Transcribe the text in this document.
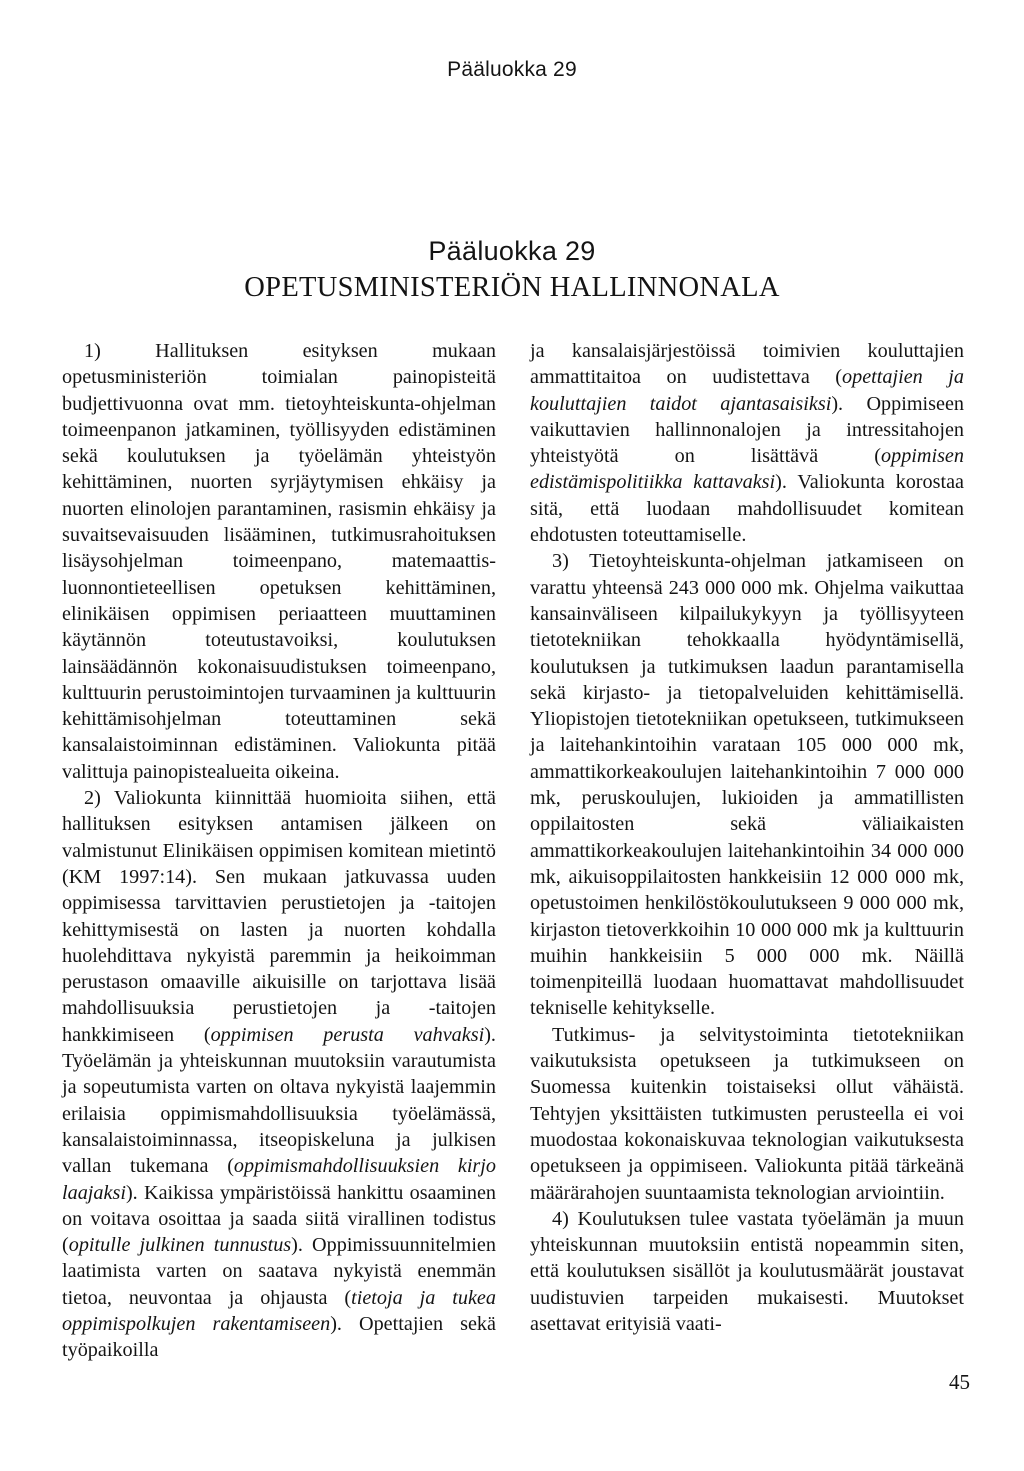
Pääluokka 29
Pääluokka 29
OPETUSMINISTERIÖN HALLINNONALA

1) Hallituksen esityksen mukaan opetusministeriön toimialan painopisteitä budjettivuonna ovat mm. tietoyhteiskunta-ohjelman toimeenpanon jatkaminen, työllisyyden edistäminen sekä koulutuksen ja työelämän yhteistyön kehittäminen, nuorten syrjäytymisen ehkäisy ja nuorten elinolojen parantaminen, rasismin ehkäisy ja suvaitsevaisuuden lisääminen, tutkimusrahoituksen lisäysohjelman toimeenpano, matemaattis-luonnontieteellisen opetuksen kehittäminen, elinikäisen oppimisen periaatteen muuttaminen käytännön toteutustavoiksi, koulutuksen lainsäädännön kokonaisuudistuksen toimeenpano, kulttuurin perustoimintojen turvaaminen ja kulttuurin kehittämisohjelman toteuttaminen sekä kansalaistoiminnan edistäminen. Valiokunta pitää valittuja painopistealueita oikeina.

2) Valiokunta kiinnittää huomioita siihen, että hallituksen esityksen antamisen jälkeen on valmistunut Elinikäisen oppimisen komitean mietintö (KM 1997:14). Sen mukaan jatkuvassa uuden oppimisessa tarvittavien perustietojen ja -taitojen kehittymisestä on lasten ja nuorten kohdalla huolehdittava nykyistä paremmin ja heikoimman perustason omaaville aikuisille on tarjottava lisää mahdollisuuksia perustietojen ja -taitojen hankkimiseen (oppimisen perusta vahvaksi). Työelämän ja yhteiskunnan muutoksiin varautumista ja sopeutumista varten on oltava nykyistä laajemmin erilaisia oppimismahdollisuuksia työelämässä, kansalaistoiminnassa, itseopiskeluna ja julkisen vallan tukemana (oppimismahdollisuuksien kirjo laajaksi). Kaikissa ympäristöissä hankittu osaaminen on voitava osoittaa ja saada siitä virallinen todistus (opitulle julkinen tunnustus). Oppimissuunnitelmien laatimista varten on saatava nykyistä enemmän tietoa, neuvontaa ja ohjausta (tietoja ja tukea oppimispolkujen rakentamiseen). Opettajien sekä työpaikoilla

ja kansalaisjärjestöissä toimivien kouluttajien ammattitaitoa on uudistettava (opettajien ja kouluttajien taidot ajantasaisiksi). Oppimiseen vaikuttavien hallinnonalojen ja intressitahojen yhteistyötä on lisättävä (oppimisen edistämispolitiikka kattavaksi). Valiokunta korostaa sitä, että luodaan mahdollisuudet komitean ehdotusten toteuttamiselle.

3) Tietoyhteiskunta-ohjelman jatkamiseen on varattu yhteensä 243 000 000 mk. Ohjelma vaikuttaa kansainväliseen kilpailukykyyn ja työllisyyteen tietotekniikan tehokkaalla hyödyntämisellä, koulutuksen ja tutkimuksen laadun parantamisella sekä kirjasto- ja tietopalveluiden kehittämisellä. Yliopistojen tietotekniikan opetukseen, tutkimukseen ja laitehankintoihin varataan 105 000 000 mk, ammattikorkeakoulujen laitehankintoihin 7 000 000 mk, peruskoulujen, lukioiden ja ammatillisten oppilaitosten sekä väliaikaisten ammattikorkeakoulujen laitehankintoihin 34 000 000 mk, aikuisoppilaitosten hankkeisiin 12 000 000 mk, opetustoimen henkilöstökoulutukseen 9 000 000 mk, kirjaston tietoverkkoihin 10 000 000 mk ja kulttuurin muihin hankkeisiin 5 000 000 mk. Näillä toimenpiteillä luodaan huomattavat mahdollisuudet tekniselle kehitykselle.

Tutkimus- ja selvitystoiminta tietotekniikan vaikutuksista opetukseen ja tutkimukseen on Suomessa kuitenkin toistaiseksi ollut vähäistä. Tehtyjen yksittäisten tutkimusten perusteella ei voi muodostaa kokonaiskuvaa teknologian vaikutuksesta opetukseen ja oppimiseen. Valiokunta pitää tärkeänä määrärahojen suuntaamista teknologian arviointiin.

4) Koulutuksen tulee vastata työelämän ja muun yhteiskunnan muutoksiin entistä nopeammin siten, että koulutuksen sisällöt ja koulutusmäärät joustavat uudistuvien tarpeiden mukaisesti. Muutokset asettavat erityisiä vaati-

45
